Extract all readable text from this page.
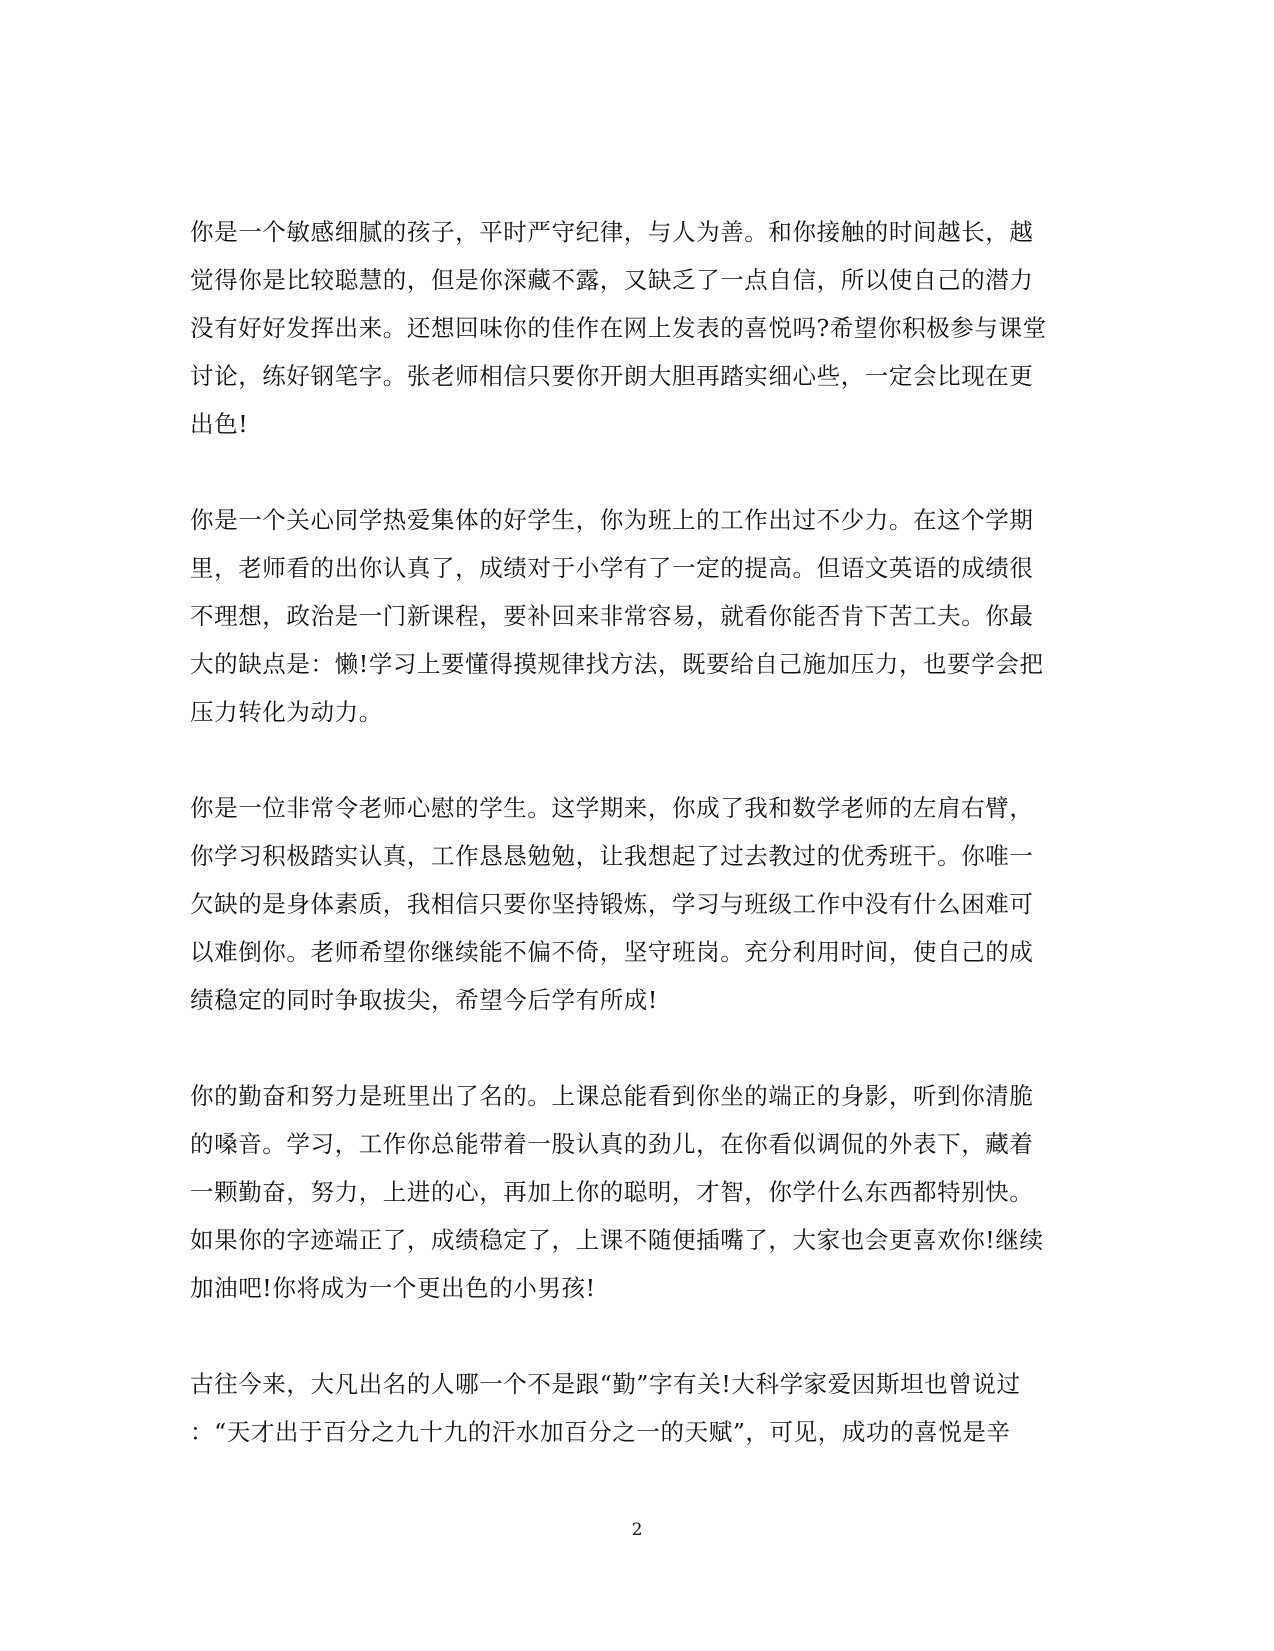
你是一个敏感细腻的孩子，平时严守纪律，与人为善。和你接触的时间越长，越
觉得你是比较聪慧的，但是你深藏不露，又缺乏了一点自信，所以使自己的潜力
没有好好发挥出来。还想回味你的佳作在网上发表的喜悦吗?希望你积极参与课堂
讨论，练好钢笔字。张老师相信只要你开朗大胆再踏实细心些，一定会比现在更
出色!
你是一个关心同学热爱集体的好学生，你为班上的工作出过不少力。在这个学期
里，老师看的出你认真了，成绩对于小学有了一定的提高。但语文英语的成绩很
不理想，政治是一门新课程，要补回来非常容易，就看你能否肯下苦工夫。你最
大的缺点是：懒!学习上要懂得摸规律找方法，既要给自己施加压力，也要学会把
压力转化为动力。
你是一位非常令老师心慰的学生。这学期来，你成了我和数学老师的左肩右臂，
你学习积极踏实认真，工作恳恳勉勉，让我想起了过去教过的优秀班干。你唯一
欠缺的是身体素质，我相信只要你坚持锻炼，学习与班级工作中没有什么困难可
以难倒你。老师希望你继续能不偏不倚，坚守班岗。充分利用时间，使自己的成
绩稳定的同时争取拔尖，希望今后学有所成!
你的勤奋和努力是班里出了名的。上课总能看到你坐的端正的身影，听到你清脆
的嗓音。学习，工作你总能带着一股认真的劲儿，在你看似调侃的外表下，藏着
一颗勤奋，努力，上进的心，再加上你的聪明，才智，你学什么东西都特别快。
如果你的字迹端正了，成绩稳定了，上课不随便插嘴了，大家也会更喜欢你!继续
加油吧!你将成为一个更出色的小男孩!
古往今来，大凡出名的人哪一个不是跟“勤”字有关!大科学家爱因斯坦也曾说过
：“天才出于百分之九十九的汗水加百分之一的天赋”，可见，成功的喜悦是辛
2
